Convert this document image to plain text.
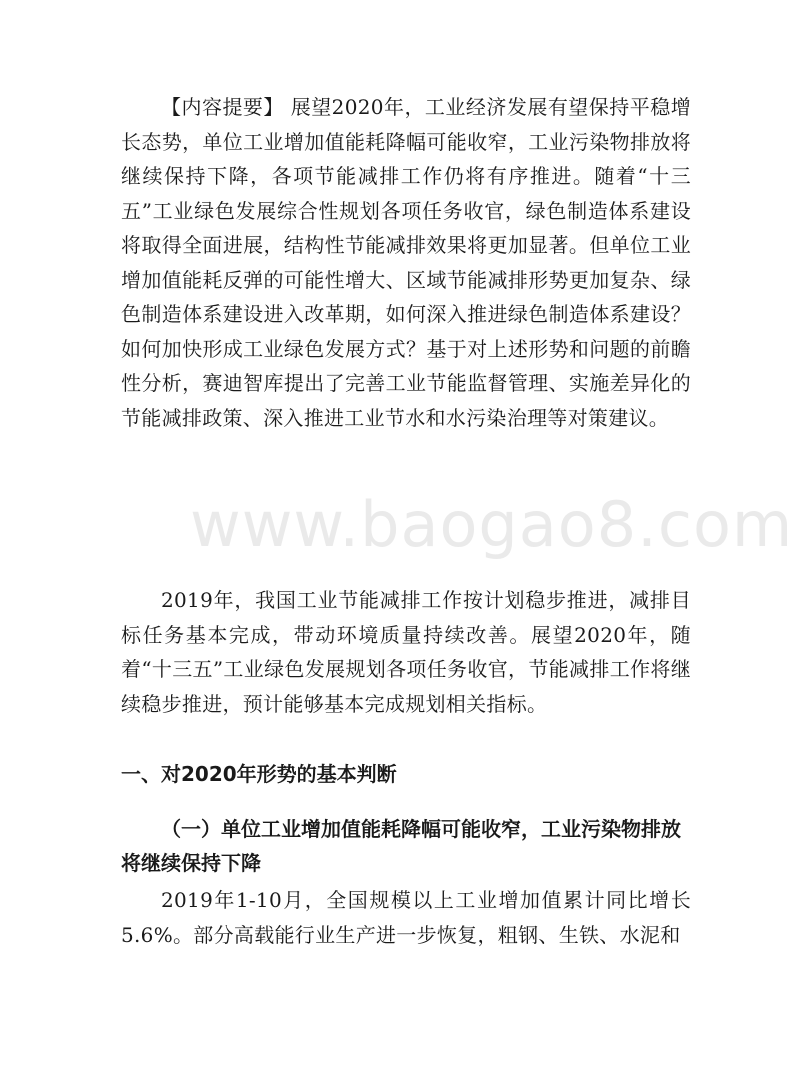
【内容提要】 展望2020年，工业经济发展有望保持平稳增长态势，单位工业增加值能耗降幅可能收窄，工业污染物排放将继续保持下降，各项节能减排工作仍将有序推进。随着“十三五”工业绿色发展综合性规划各项任务收官，绿色制造体系建设将取得全面进展，结构性节能减排效果将更加显著。但单位工业增加值能耗反弹的可能性增大、区域节能减排形势更加复杂、绿色制造体系建设进入改革期，如何深入推进绿色制造体系建设？ 如何加快形成工业绿色发展方式？基于对上述形势和问题的前瞻性分析，赛迪智库提出了完善工业节能监督管理、实施差异化的节能减排政策、深入推进工业节水和水污染治理等对策建议。

www.baogao8.com

2019年，我国工业节能减排工作按计划稳步推进，减排目标任务基本完成，带动环境质量持续改善。展望2020年，随着“十三五”工业绿色发展规划各项任务收官，节能减排工作将继续稳步推进，预计能够基本完成规划相关指标。

一、对2020年形势的基本判断
（一）单位工业增加值能耗降幅可能收窄，工业污染物排放将继续保持下降

2019年1-10月，全国规模以上工业增加值累计同比增长5.6%。部分高载能行业生产进一步恢复，粗钢、生铁、水泥和
